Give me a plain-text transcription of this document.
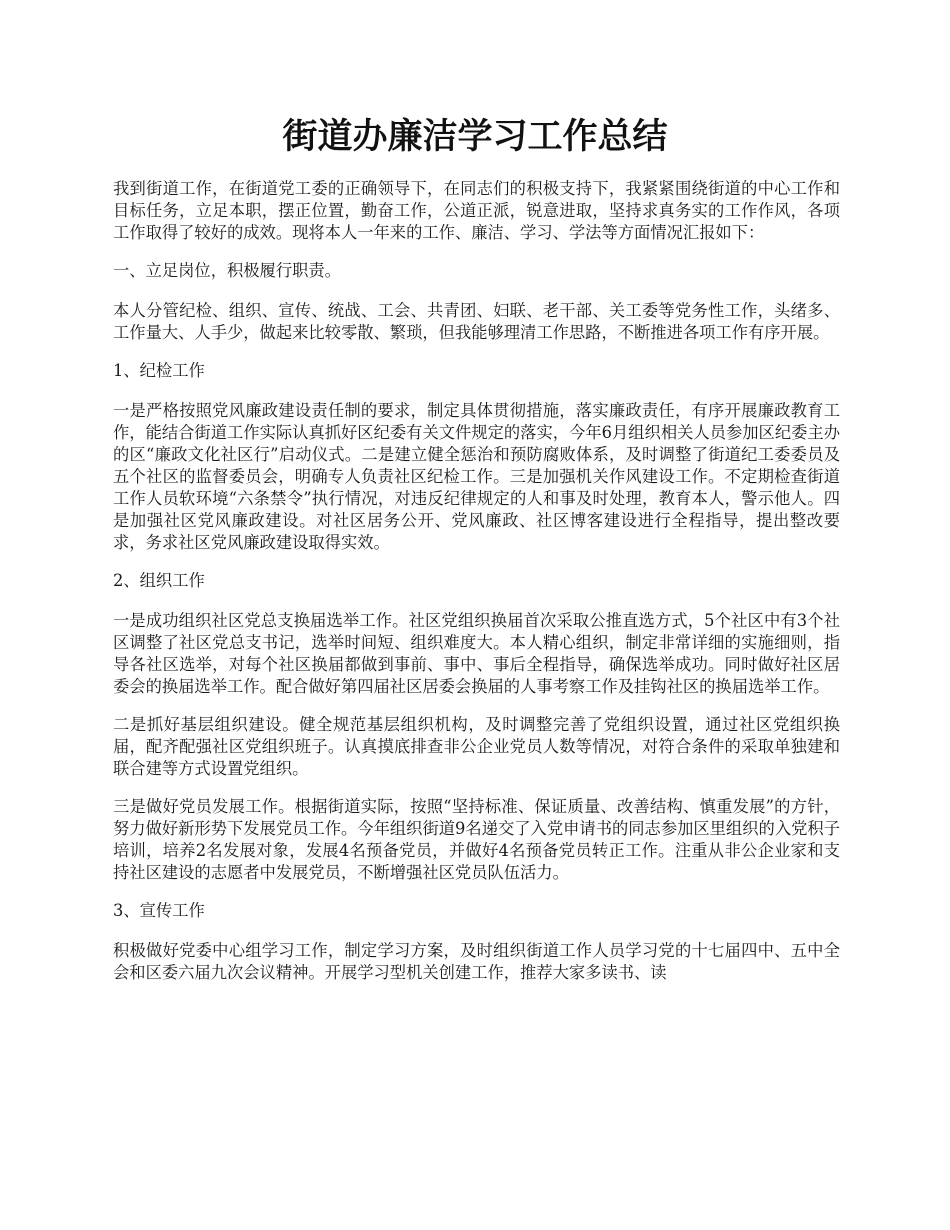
街道办廉洁学习工作总结

我到街道工作，在街道党工委的正确领导下，在同志们的积极支持下，我紧紧围绕街道的中心工作和目标任务，立足本职，摆正位置，勤奋工作，公道正派，锐意进取，坚持求真务实的工作作风，各项工作取得了较好的成效。现将本人一年来的工作、廉洁、学习、学法等方面情况汇报如下：

一、立足岗位，积极履行职责。

本人分管纪检、组织、宣传、统战、工会、共青团、妇联、老干部、关工委等党务性工作，头绪多、工作量大、人手少，做起来比较零散、繁琐，但我能够理清工作思路，不断推进各项工作有序开展。

1、纪检工作

一是严格按照党风廉政建设责任制的要求，制定具体贯彻措施，落实廉政责任，有序开展廉政教育工作，能结合街道工作实际认真抓好区纪委有关文件规定的落实，今年6月组织相关人员参加区纪委主办的区“廉政文化社区行”启动仪式。二是建立健全惩治和预防腐败体系，及时调整了街道纪工委委员及五个社区的监督委员会，明确专人负责社区纪检工作。三是加强机关作风建设工作。不定期检查街道工作人员软环境“六条禁令”执行情况，对违反纪律规定的人和事及时处理，教育本人，警示他人。四是加强社区党风廉政建设。对社区居务公开、党风廉政、社区博客建设进行全程指导，提出整改要求，务求社区党风廉政建设取得实效。

2、组织工作

一是成功组织社区党总支换届选举工作。社区党组织换届首次采取公推直选方式，5个社区中有3个社区调整了社区党总支书记，选举时间短、组织难度大。本人精心组织，制定非常详细的实施细则，指导各社区选举，对每个社区换届都做到事前、事中、事后全程指导，确保选举成功。同时做好社区居委会的换届选举工作。配合做好第四届社区居委会换届的人事考察工作及挂钩社区的换届选举工作。

二是抓好基层组织建设。健全规范基层组织机构，及时调整完善了党组织设置，通过社区党组织换届，配齐配强社区党组织班子。认真摸底排查非公企业党员人数等情况，对符合条件的采取单独建和联合建等方式设置党组织。

三是做好党员发展工作。根据街道实际，按照“坚持标准、保证质量、改善结构、慎重发展”的方针，努力做好新形势下发展党员工作。今年组织街道9名递交了入党申请书的同志参加区里组织的入党积子培训，培养2名发展对象，发展4名预备党员，并做好4名预备党员转正工作。注重从非公企业家和支持社区建设的志愿者中发展党员，不断增强社区党员队伍活力。

3、宣传工作

积极做好党委中心组学习工作，制定学习方案，及时组织街道工作人员学习党的十七届四中、五中全会和区委六届九次会议精神。开展学习型机关创建工作，推荐大家多读书、读
